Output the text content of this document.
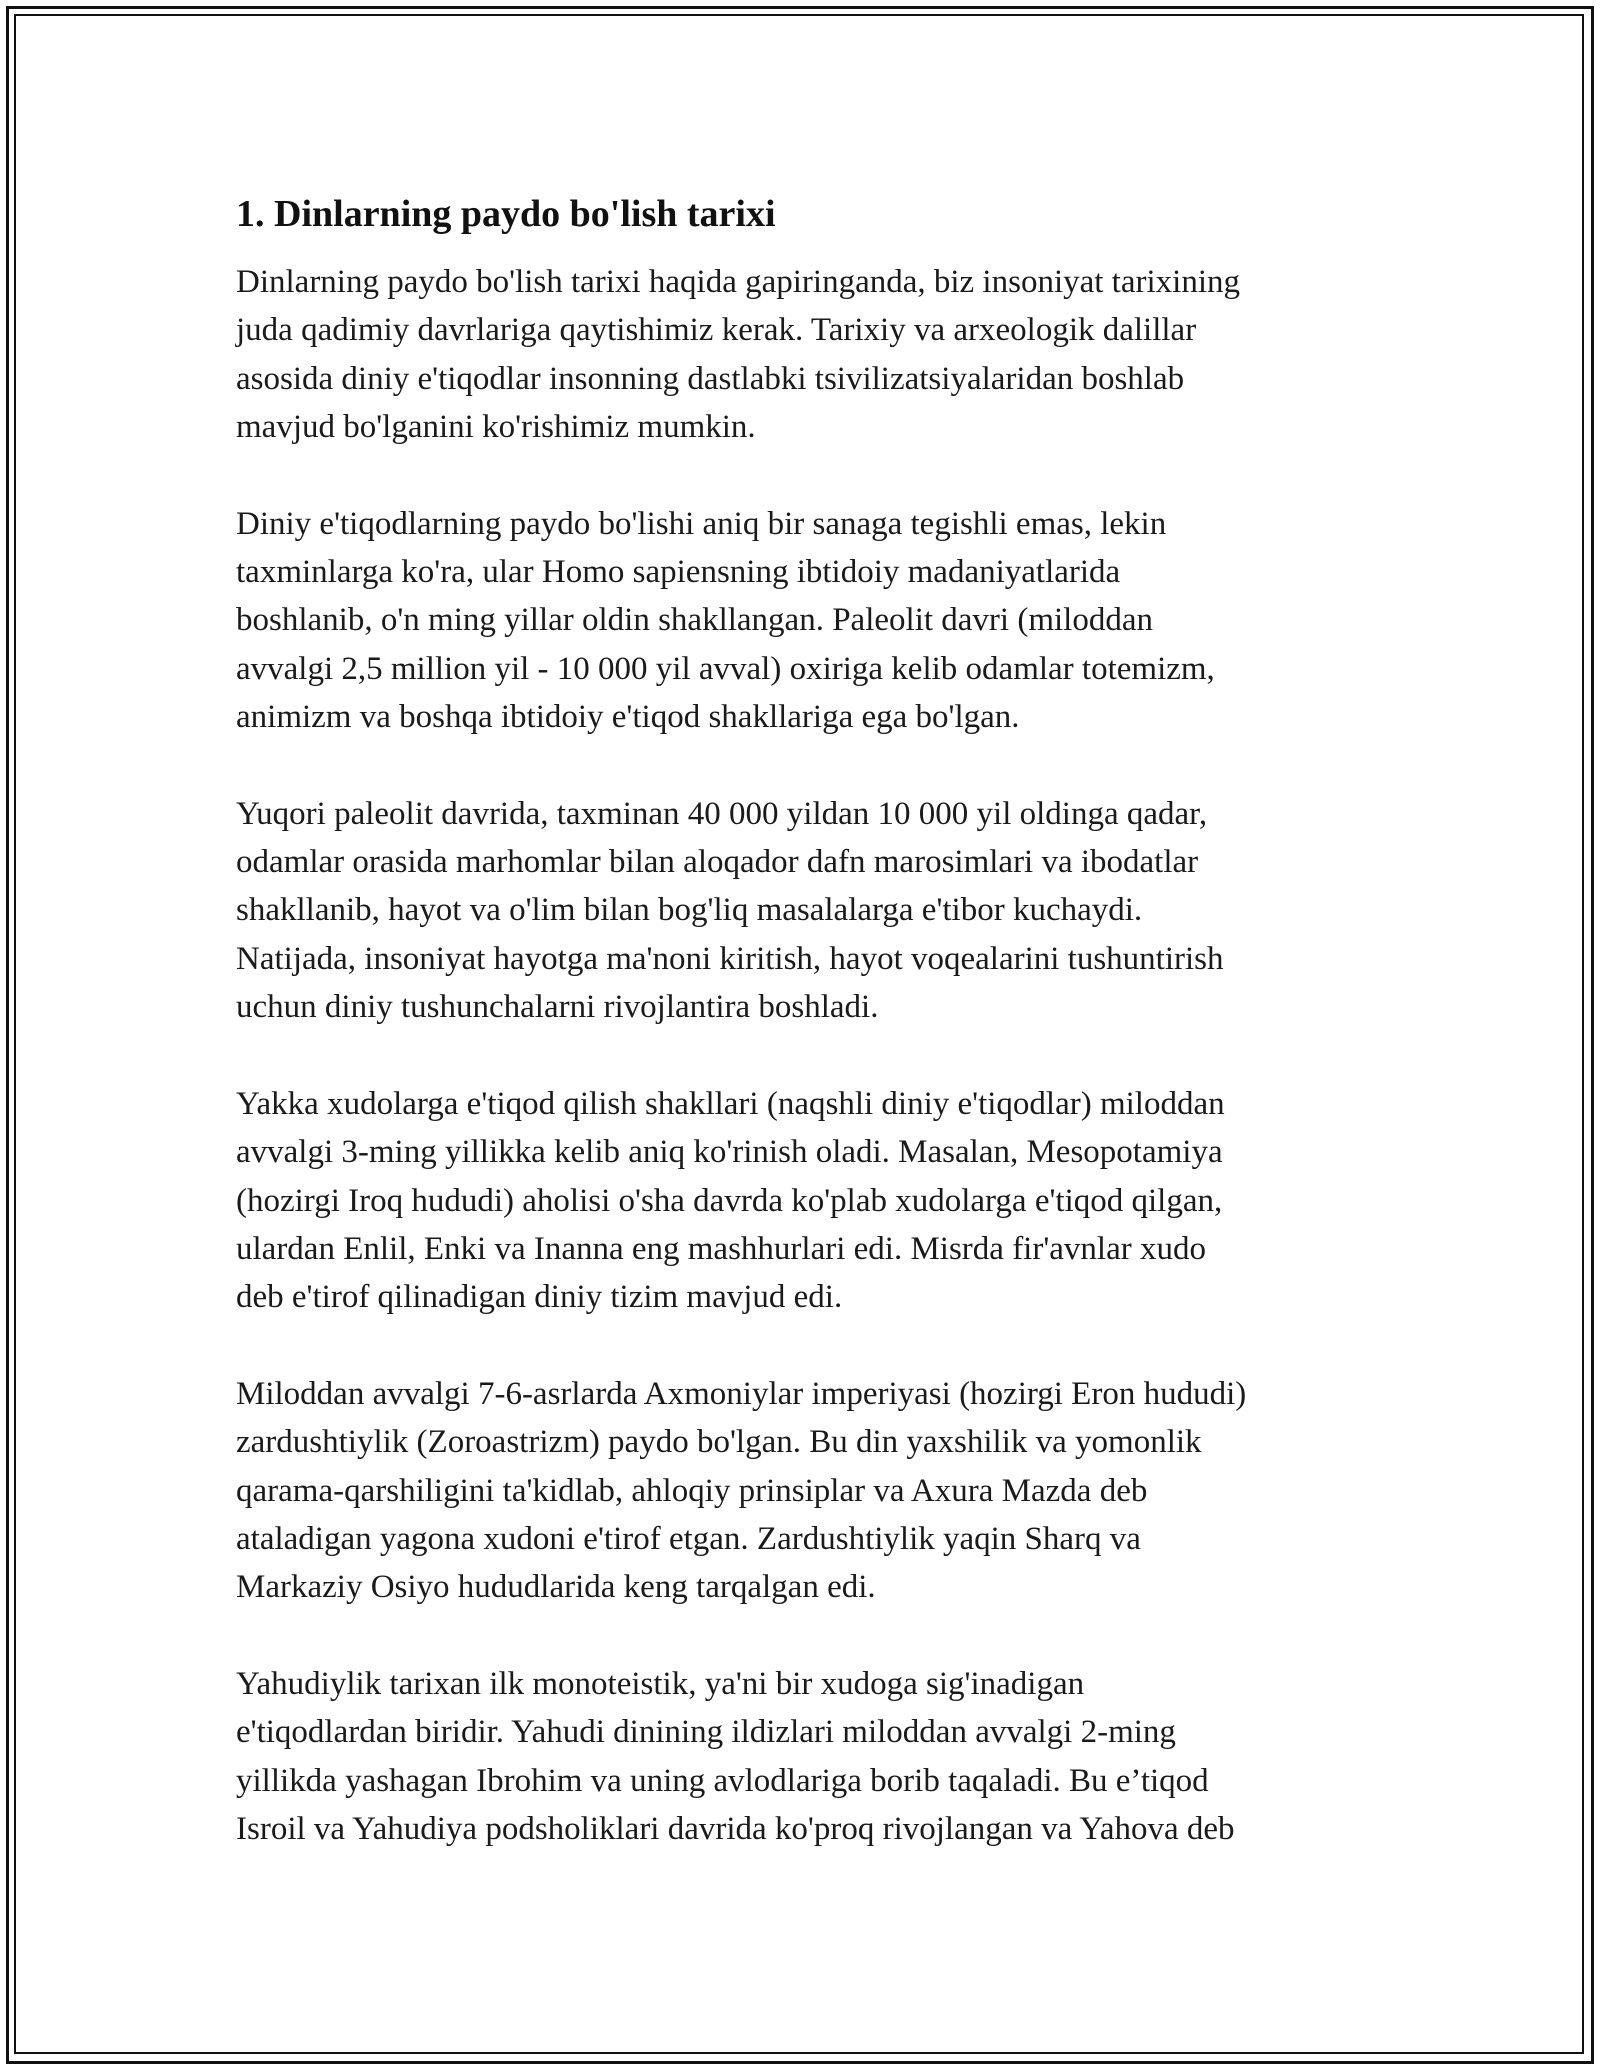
1. Dinlarning paydo bo'lish tarixi

Dinlarning paydo bo'lish tarixi haqida gapiringanda, biz insoniyat tarixining
juda qadimiy davrlariga qaytishimiz kerak. Tarixiy va arxeologik dalillar
asosida diniy e'tiqodlar insonning dastlabki tsivilizatsiyalaridan boshlab
mavjud bo'lganini ko'rishimiz mumkin.

Diniy e'tiqodlarning paydo bo'lishi aniq bir sanaga tegishli emas, lekin
taxminlarga ko'ra, ular Homo sapiensning ibtidoiy madaniyatlarida
boshlanib, o'n ming yillar oldin shakllangan. Paleolit davri (miloddan
avvalgi 2,5 million yil - 10 000 yil avval) oxiriga kelib odamlar totemizm,
animizm va boshqa ibtidoiy e'tiqod shakllariga ega bo'lgan.

Yuqori paleolit davrida, taxminan 40 000 yildan 10 000 yil oldinga qadar,
odamlar orasida marhomlar bilan aloqador dafn marosimlari va ibodatlar
shakllanib, hayot va o'lim bilan bog'liq masalalarga e'tibor kuchaydi.
Natijada, insoniyat hayotga ma'noni kiritish, hayot voqealarini tushuntirish
uchun diniy tushunchalarni rivojlantira boshladi.

Yakka xudolarga e'tiqod qilish shakllari (naqshli diniy e'tiqodlar) miloddan
avvalgi 3-ming yillikka kelib aniq ko'rinish oladi. Masalan, Mesopotamiya
(hozirgi Iroq hududi) aholisi o'sha davrda ko'plab xudolarga e'tiqod qilgan,
ulardan Enlil, Enki va Inanna eng mashhurlari edi. Misrda fir'avnlar xudo
deb e'tirof qilinadigan diniy tizim mavjud edi.

Miloddan avvalgi 7-6-asrlarda Axmoniylar imperiyasi (hozirgi Eron hududi)
zardushtiylik (Zoroastrizm) paydo bo'lgan. Bu din yaxshilik va yomonlik
qarama-qarshiligini ta'kidlab, ahloqiy prinsiplar va Axura Mazda deb
ataladigan yagona xudoni e'tirof etgan. Zardushtiylik yaqin Sharq va
Markaziy Osiyo hududlarida keng tarqalgan edi.

Yahudiylik tarixan ilk monoteistik, ya'ni bir xudoga sig'inadigan
e'tiqodlardan biridir. Yahudi dinining ildizlari miloddan avvalgi 2-ming
yillikda yashagan Ibrohim va uning avlodlariga borib taqaladi. Bu e’tiqod
Isroil va Yahudiya podsholiklari davrida ko'proq rivojlangan va Yahova deb
